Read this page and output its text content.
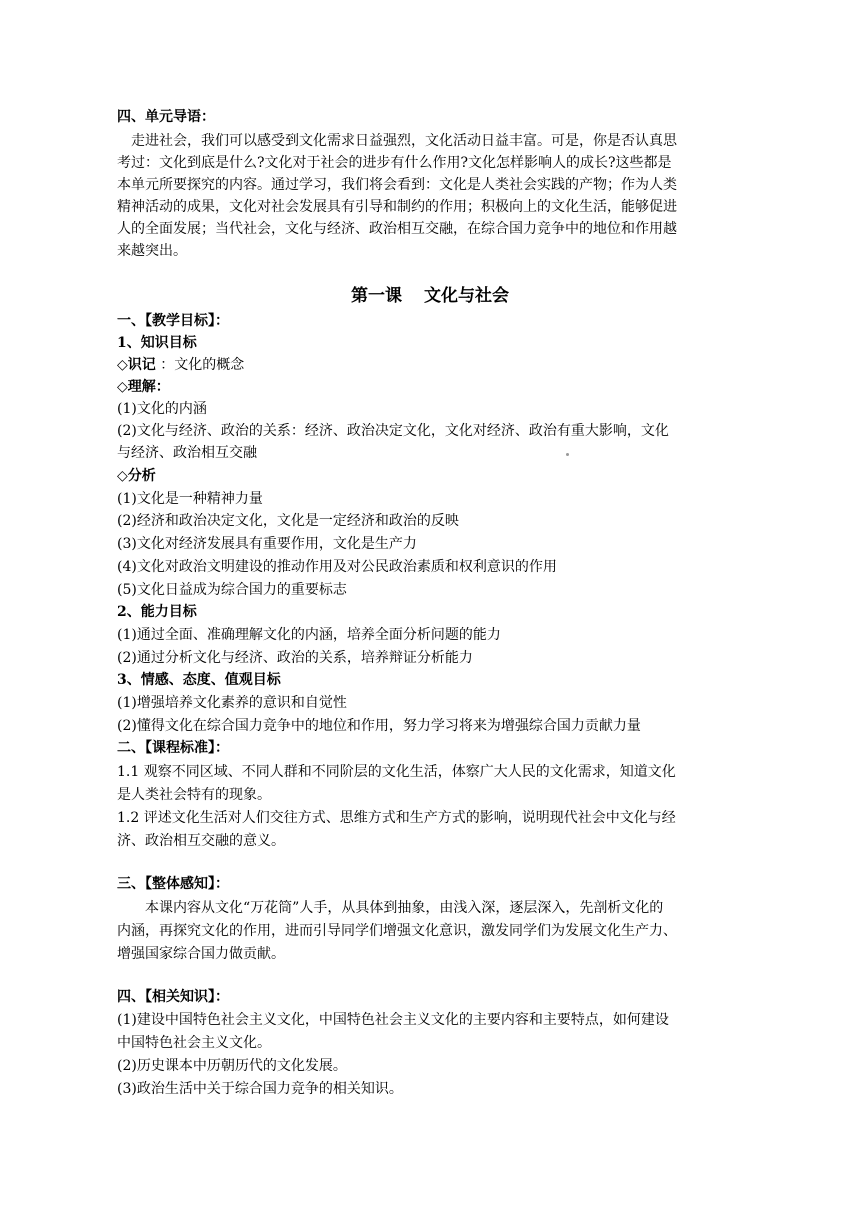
四、单元导语：
走进社会，我们可以感受到文化需求日益强烈，文化活动日益丰富。可是，你是否认真思
考过：文化到底是什么?文化对于社会的进步有什么作用?文化怎样影响人的成长?这些都是
本单元所要探究的内容。通过学习，我们将会看到：文化是人类社会实践的产物；作为人类
精神活动的成果，文化对社会发展具有引导和制约的作用；积极向上的文化生活，能够促进
人的全面发展；当代社会，文化与经济、政治相互交融，在综合国力竞争中的地位和作用越
来越突出。
第一课 文化与社会
一、【教学目标】：
1、知识目标
◇识记 ：文化的概念
◇理解：
(1)文化的内涵
(2)文化与经济、政治的关系：经济、政治决定文化，文化对经济、政治有重大影响，文化
与经济、政治相互交融
◇分析
(1)文化是一种精神力量
(2)经济和政治决定文化，文化是一定经济和政治的反映
(3)文化对经济发展具有重要作用，文化是生产力
(4)文化对政治文明建设的推动作用及对公民政治素质和权利意识的作用
(5)文化日益成为综合国力的重要标志
2、能力目标
(1)通过全面、准确理解文化的内涵，培养全面分析问题的能力
(2)通过分析文化与经济、政治的关系，培养辩证分析能力
3、情感、态度、值观目标
(1)增强培养文化素养的意识和自觉性
(2)懂得文化在综合国力竞争中的地位和作用，努力学习将来为增强综合国力贡献力量
二、【课程标准】：
1.1 观察不同区域、不同人群和不同阶层的文化生活，体察广大人民的文化需求，知道文化
是人类社会特有的现象。
1.2 评述文化生活对人们交往方式、思维方式和生产方式的影响，说明现代社会中文化与经
济、政治相互交融的意义。
三、【整体感知】：
本课内容从文化“万花筒”人手，从具体到抽象，由浅入深，逐层深入，先剖析文化的
内涵，再探究文化的作用，进而引导同学们增强文化意识，激发同学们为发展文化生产力、
增强国家综合国力做贡献。
四、【相关知识】：
(1)建设中国特色社会主义文化，中国特色社会主义文化的主要内容和主要特点，如何建设
中国特色社会主义文化。
(2)历史课本中历朝历代的文化发展。
(3)政治生活中关于综合国力竞争的相关知识。
